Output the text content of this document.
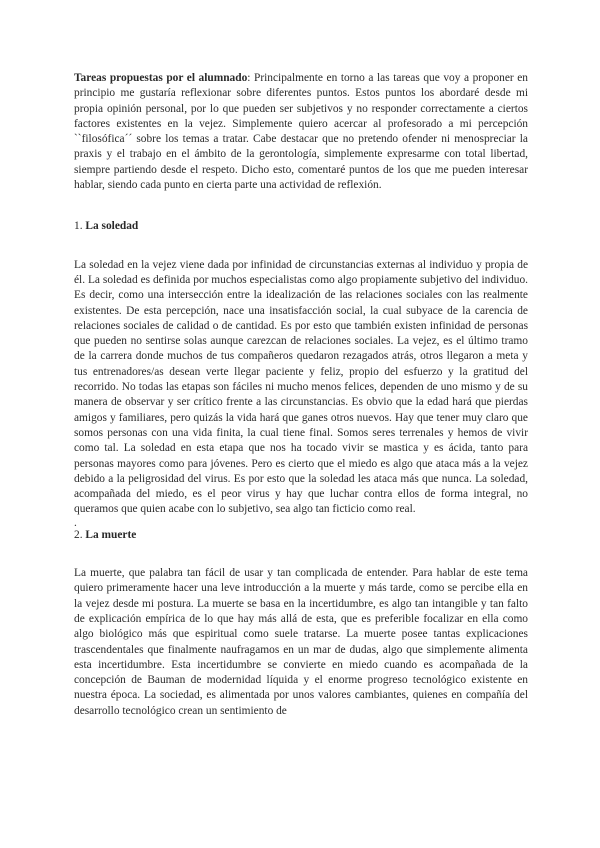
Tareas propuestas por el alumnado: Principalmente en torno a las tareas que voy a proponer en principio me gustaría reflexionar sobre diferentes puntos. Estos puntos los abordaré desde mi propia opinión personal, por lo que pueden ser subjetivos y no responder correctamente a ciertos factores existentes en la vejez. Simplemente quiero acercar al profesorado a mi percepción ``filosófica´´ sobre los temas a tratar. Cabe destacar que no pretendo ofender ni menospreciar la praxis y el trabajo en el ámbito de la gerontología, simplemente expresarme con total libertad, siempre partiendo desde el respeto. Dicho esto, comentaré puntos de los que me pueden interesar hablar, siendo cada punto en cierta parte una actividad de reflexión.

1. La soledad

La soledad en la vejez viene dada por infinidad de circunstancias externas al individuo y propia de él. La soledad es definida por muchos especialistas como algo propiamente subjetivo del individuo. Es decir, como una intersección entre la idealización de las relaciones sociales con las realmente existentes. De esta percepción, nace una insatisfacción social, la cual subyace de la carencia de relaciones sociales de calidad o de cantidad. Es por esto que también existen infinidad de personas que pueden no sentirse solas aunque carezcan de relaciones sociales. La vejez, es el último tramo de la carrera donde muchos de tus compañeros quedaron rezagados atrás, otros llegaron a meta y tus entrenadores/as desean verte llegar paciente y feliz, propio del esfuerzo y la gratitud del recorrido. No todas las etapas son fáciles ni mucho menos felices, dependen de uno mismo y de su manera de observar y ser crítico frente a las circunstancias. Es obvio que la edad hará que pierdas amigos y familiares, pero quizás la vida hará que ganes otros nuevos. Hay que tener muy claro que somos personas con una vida finita, la cual tiene final. Somos seres terrenales y hemos de vivir como tal. La soledad en esta etapa que nos ha tocado vivir se mastica y es ácida, tanto para personas mayores como para jóvenes. Pero es cierto que el miedo es algo que ataca más a la vejez debido a la peligrosidad del virus. Es por esto que la soledad les ataca más que nunca. La soledad, acompañada del miedo, es el peor virus y hay que luchar contra ellos de forma integral, no queramos que quien acabe con lo subjetivo, sea algo tan ficticio como real.

.
2. La muerte

La muerte, que palabra tan fácil de usar y tan complicada de entender. Para hablar de este tema quiero primeramente hacer una leve introducción a la muerte y más tarde, como se percibe ella en la vejez desde mi postura. La muerte se basa en la incertidumbre, es algo tan intangible y tan falto de explicación empírica de lo que hay más allá de esta, que es preferible focalizar en ella como algo biológico más que espiritual como suele tratarse. La muerte posee tantas explicaciones trascendentales que finalmente naufragamos en un mar de dudas, algo que simplemente alimenta esta incertidumbre. Esta incertidumbre se convierte en miedo cuando es acompañada de la concepción de Bauman de modernidad líquida y el enorme progreso tecnológico existente en nuestra época. La sociedad, es alimentada por unos valores cambiantes, quienes en compañía del desarrollo tecnológico crean un sentimiento de
